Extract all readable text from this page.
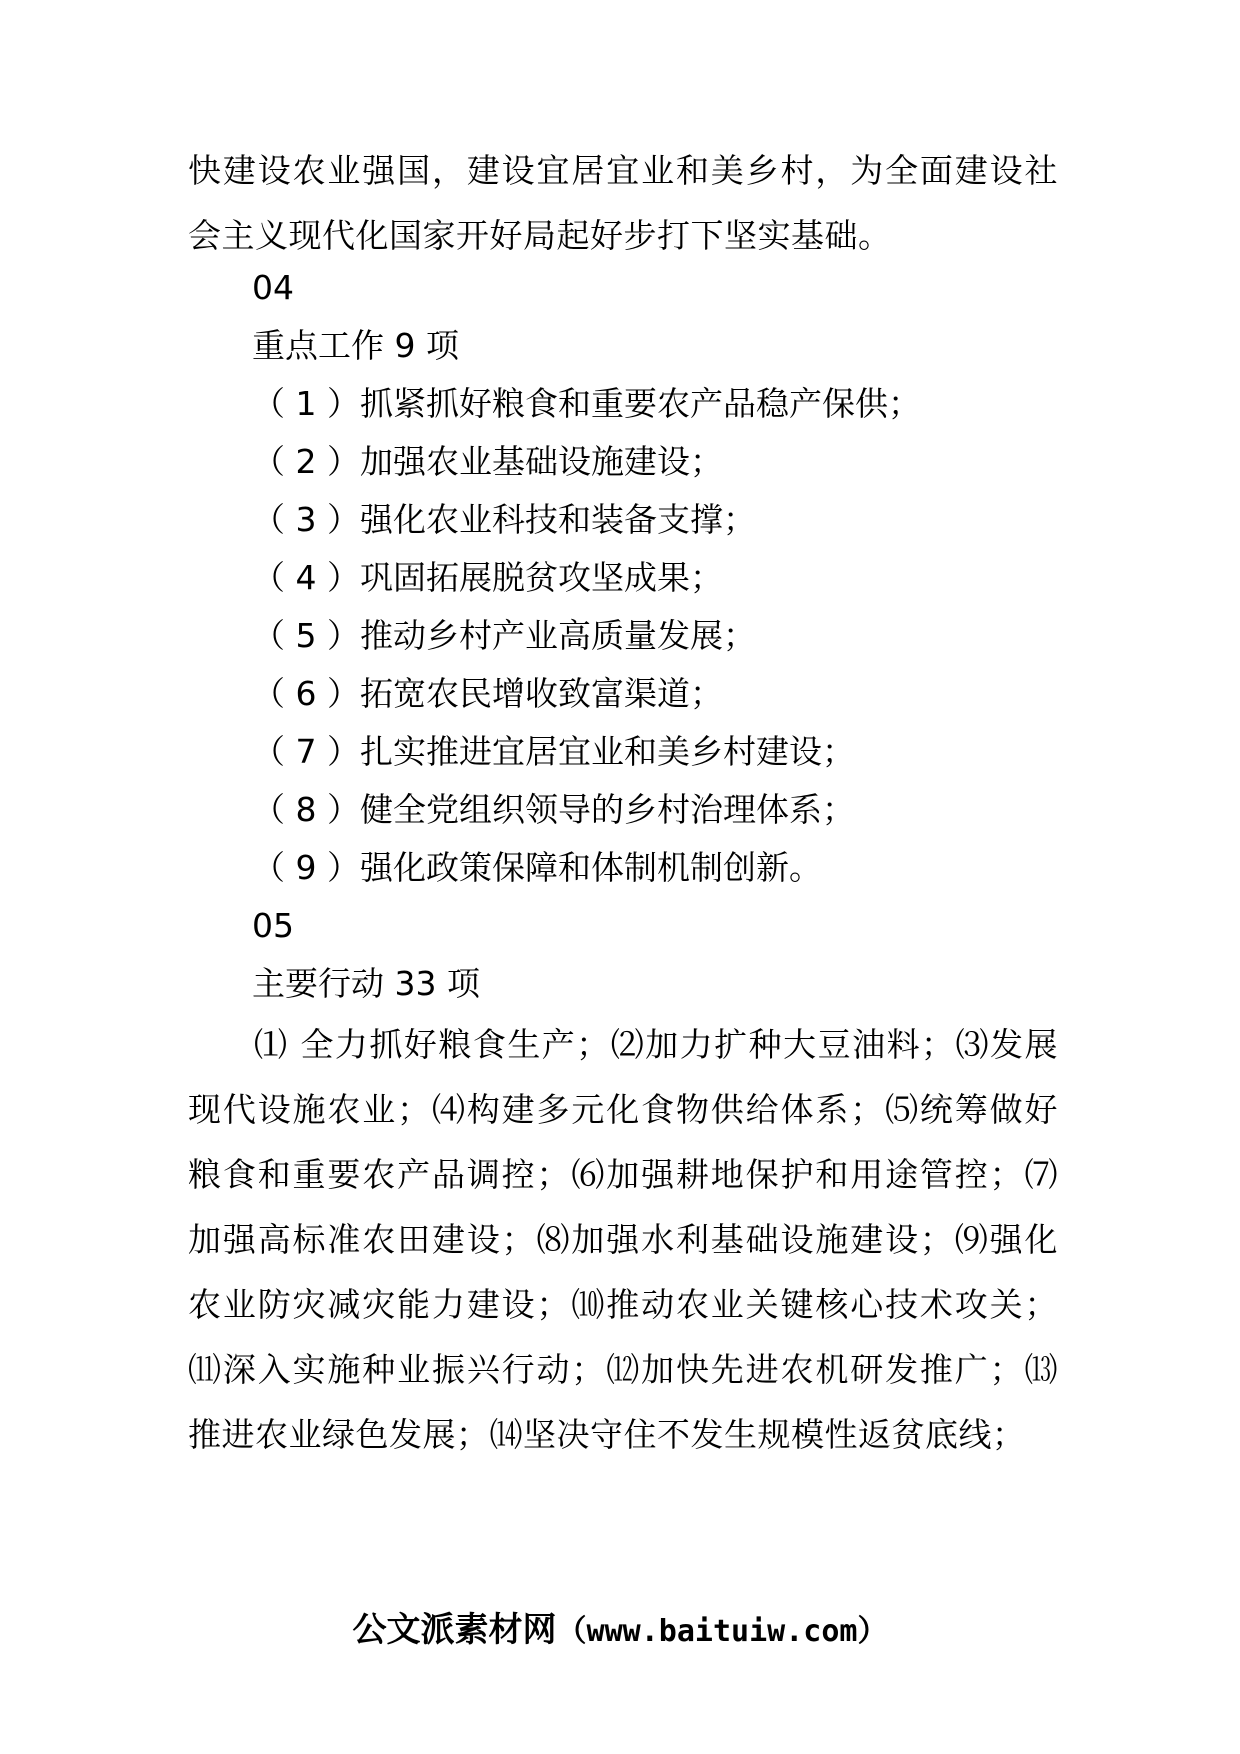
快建设农业强国，建设宜居宜业和美乡村，为全面建设社会主义现代化国家开好局起好步打下坚实基础。

04

重点工作 9 项

（ 1 ）抓紧抓好粮食和重要农产品稳产保供；

（ 2 ）加强农业基础设施建设；

（ 3 ）强化农业科技和装备支撑；

（ 4 ）巩固拓展脱贫攻坚成果；

（ 5 ）推动乡村产业高质量发展；

（ 6 ）拓宽农民增收致富渠道；

（ 7 ）扎实推进宜居宜业和美乡村建设；

（ 8 ）健全党组织领导的乡村治理体系；

（ 9 ）强化政策保障和体制机制创新。

05

主要行动 33 项

⑴ 全力抓好粮食生产；⑵加力扩种大豆油料；⑶发展现代设施农业；⑷构建多元化食物供给体系；⑸统筹做好粮食和重要农产品调控；⑹加强耕地保护和用途管控；⑺加强高标准农田建设；⑻加强水利基础设施建设；⑼强化农业防灾减灾能力建设；⑽推动农业关键核心技术攻关；⑾深入实施种业振兴行动；⑿加快先进农机研发推广；⒀推进农业绿色发展；⒁坚决守住不发生规模性返贫底线；

公文派素材网（www.baituiw.com）
